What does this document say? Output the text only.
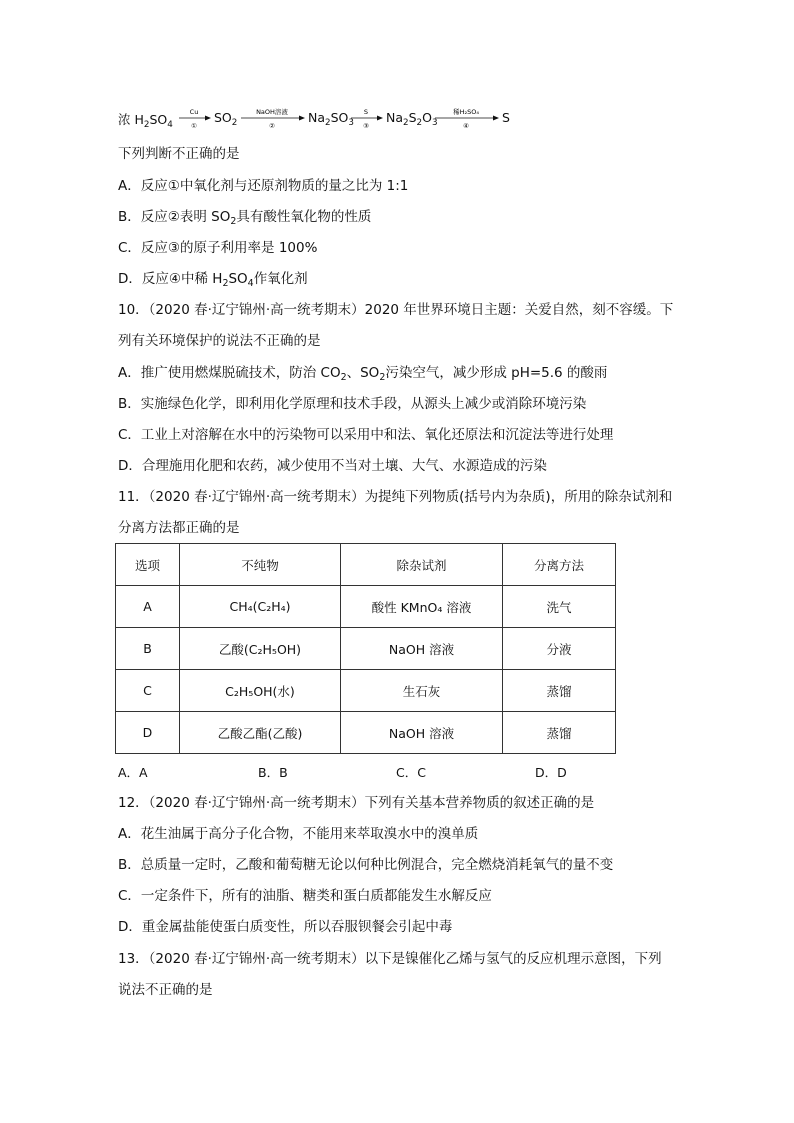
浓 $H_2SO_4$
Cu
①
$SO_2$
NaOH溶液
②
$Na_2SO_3$
S
③
$Na_2S_2O_3$
稀H₂SO₄
④
S
下列判断不正确的是
A．反应①中氧化剂与还原剂物质的量之比为 1:1
B．反应②表明 $SO_2$具有酸性氧化物的性质
C．反应③的原子利用率是 100%
D．反应④中稀 $H_2SO_4$作氧化剂
10．（2020 春·辽宁锦州·高一统考期末）2020 年世界环境日主题：关爱自然，刻不容缓。下
列有关环境保护的说法不正确的是
A．推广使用燃煤脱硫技术，防治 $CO_2$、$SO_2$污染空气，减少形成 pH=5.6 的酸雨
B．实施绿色化学，即利用化学原理和技术手段，从源头上减少或消除环境污染
C．工业上对溶解在水中的污染物可以采用中和法、氧化还原法和沉淀法等进行处理
D．合理施用化肥和农药，减少使用不当对土壤、大气、水源造成的污染
11．（2020 春·辽宁锦州·高一统考期末）为提纯下列物质(括号内为杂质)，所用的除杂试剂和
分离方法都正确的是
选项	不纯物	除杂试剂	分离方法
A	CH₄(C₂H₄)	酸性 KMnO₄ 溶液	洗气
B	乙酸(C₂H₅OH)	NaOH 溶液	分液
C	C₂H₅OH(水)	生石灰	蒸馏
D	乙酸乙酯(乙酸)	NaOH 溶液	蒸馏
A．A	B．B	C．C	D．D
12．（2020 春·辽宁锦州·高一统考期末）下列有关基本营养物质的叙述正确的是
A．花生油属于高分子化合物，不能用来萃取溴水中的溴单质
B．总质量一定时，乙酸和葡萄糖无论以何种比例混合，完全燃烧消耗氧气的量不变
C．一定条件下，所有的油脂、糖类和蛋白质都能发生水解反应
D．重金属盐能使蛋白质变性，所以吞服钡餐会引起中毒
13．（2020 春·辽宁锦州·高一统考期末）以下是镍催化乙烯与氢气的反应机理示意图，下列
说法不正确的是
